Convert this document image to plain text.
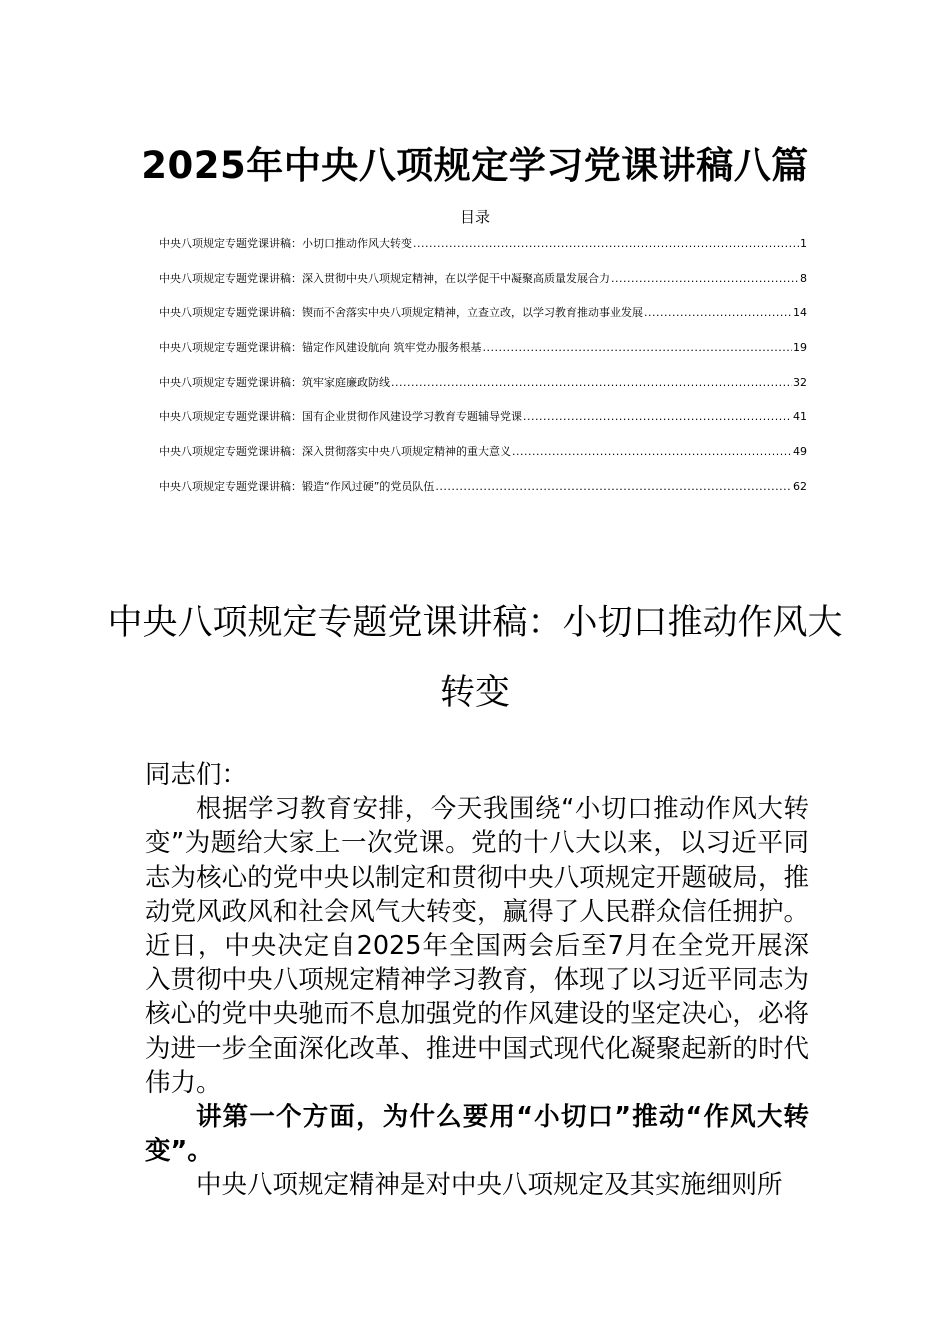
2025年中央八项规定学习党课讲稿八篇
目录
中央八项规定专题党课讲稿：小切口推动作风大转变 .....	1
中央八项规定专题党课讲稿：深入贯彻中央八项规定精神，在以学促干中凝聚高质量发展合力 .....	8
中央八项规定专题党课讲稿：锲而不舍落实中央八项规定精神，立查立改，以学习教育推动事业发展 .....	14
中央八项规定专题党课讲稿：锚定作风建设航向 筑牢党办服务根基 .....	19
中央八项规定专题党课讲稿：筑牢家庭廉政防线 .....	32
中央八项规定专题党课讲稿：国有企业贯彻作风建设学习教育专题辅导党课 .....	41
中央八项规定专题党课讲稿：深入贯彻落实中央八项规定精神的重大意义 .....	49
中央八项规定专题党课讲稿：锻造“作风过硬”的党员队伍 .....	62
中央八项规定专题党课讲稿：小切口推动作风大转变

同志们：

根据学习教育安排，今天我围绕“小切口推动作风大转变”为题给大家上一次党课。党的十八大以来，以习近平同志为核心的党中央以制定和贯彻中央八项规定开题破局，推动党风政风和社会风气大转变，赢得了人民群众信任拥护。近日，中央决定自2025年全国两会后至7月在全党开展深入贯彻中央八项规定精神学习教育，体现了以习近平同志为核心的党中央驰而不息加强党的作风建设的坚定决心，必将为进一步全面深化改革、推进中国式现代化凝聚起新的时代伟力。

讲第一个方面，为什么要用“小切口”推动“作风大转变”。

中央八项规定精神是对中央八项规定及其实施细则所
